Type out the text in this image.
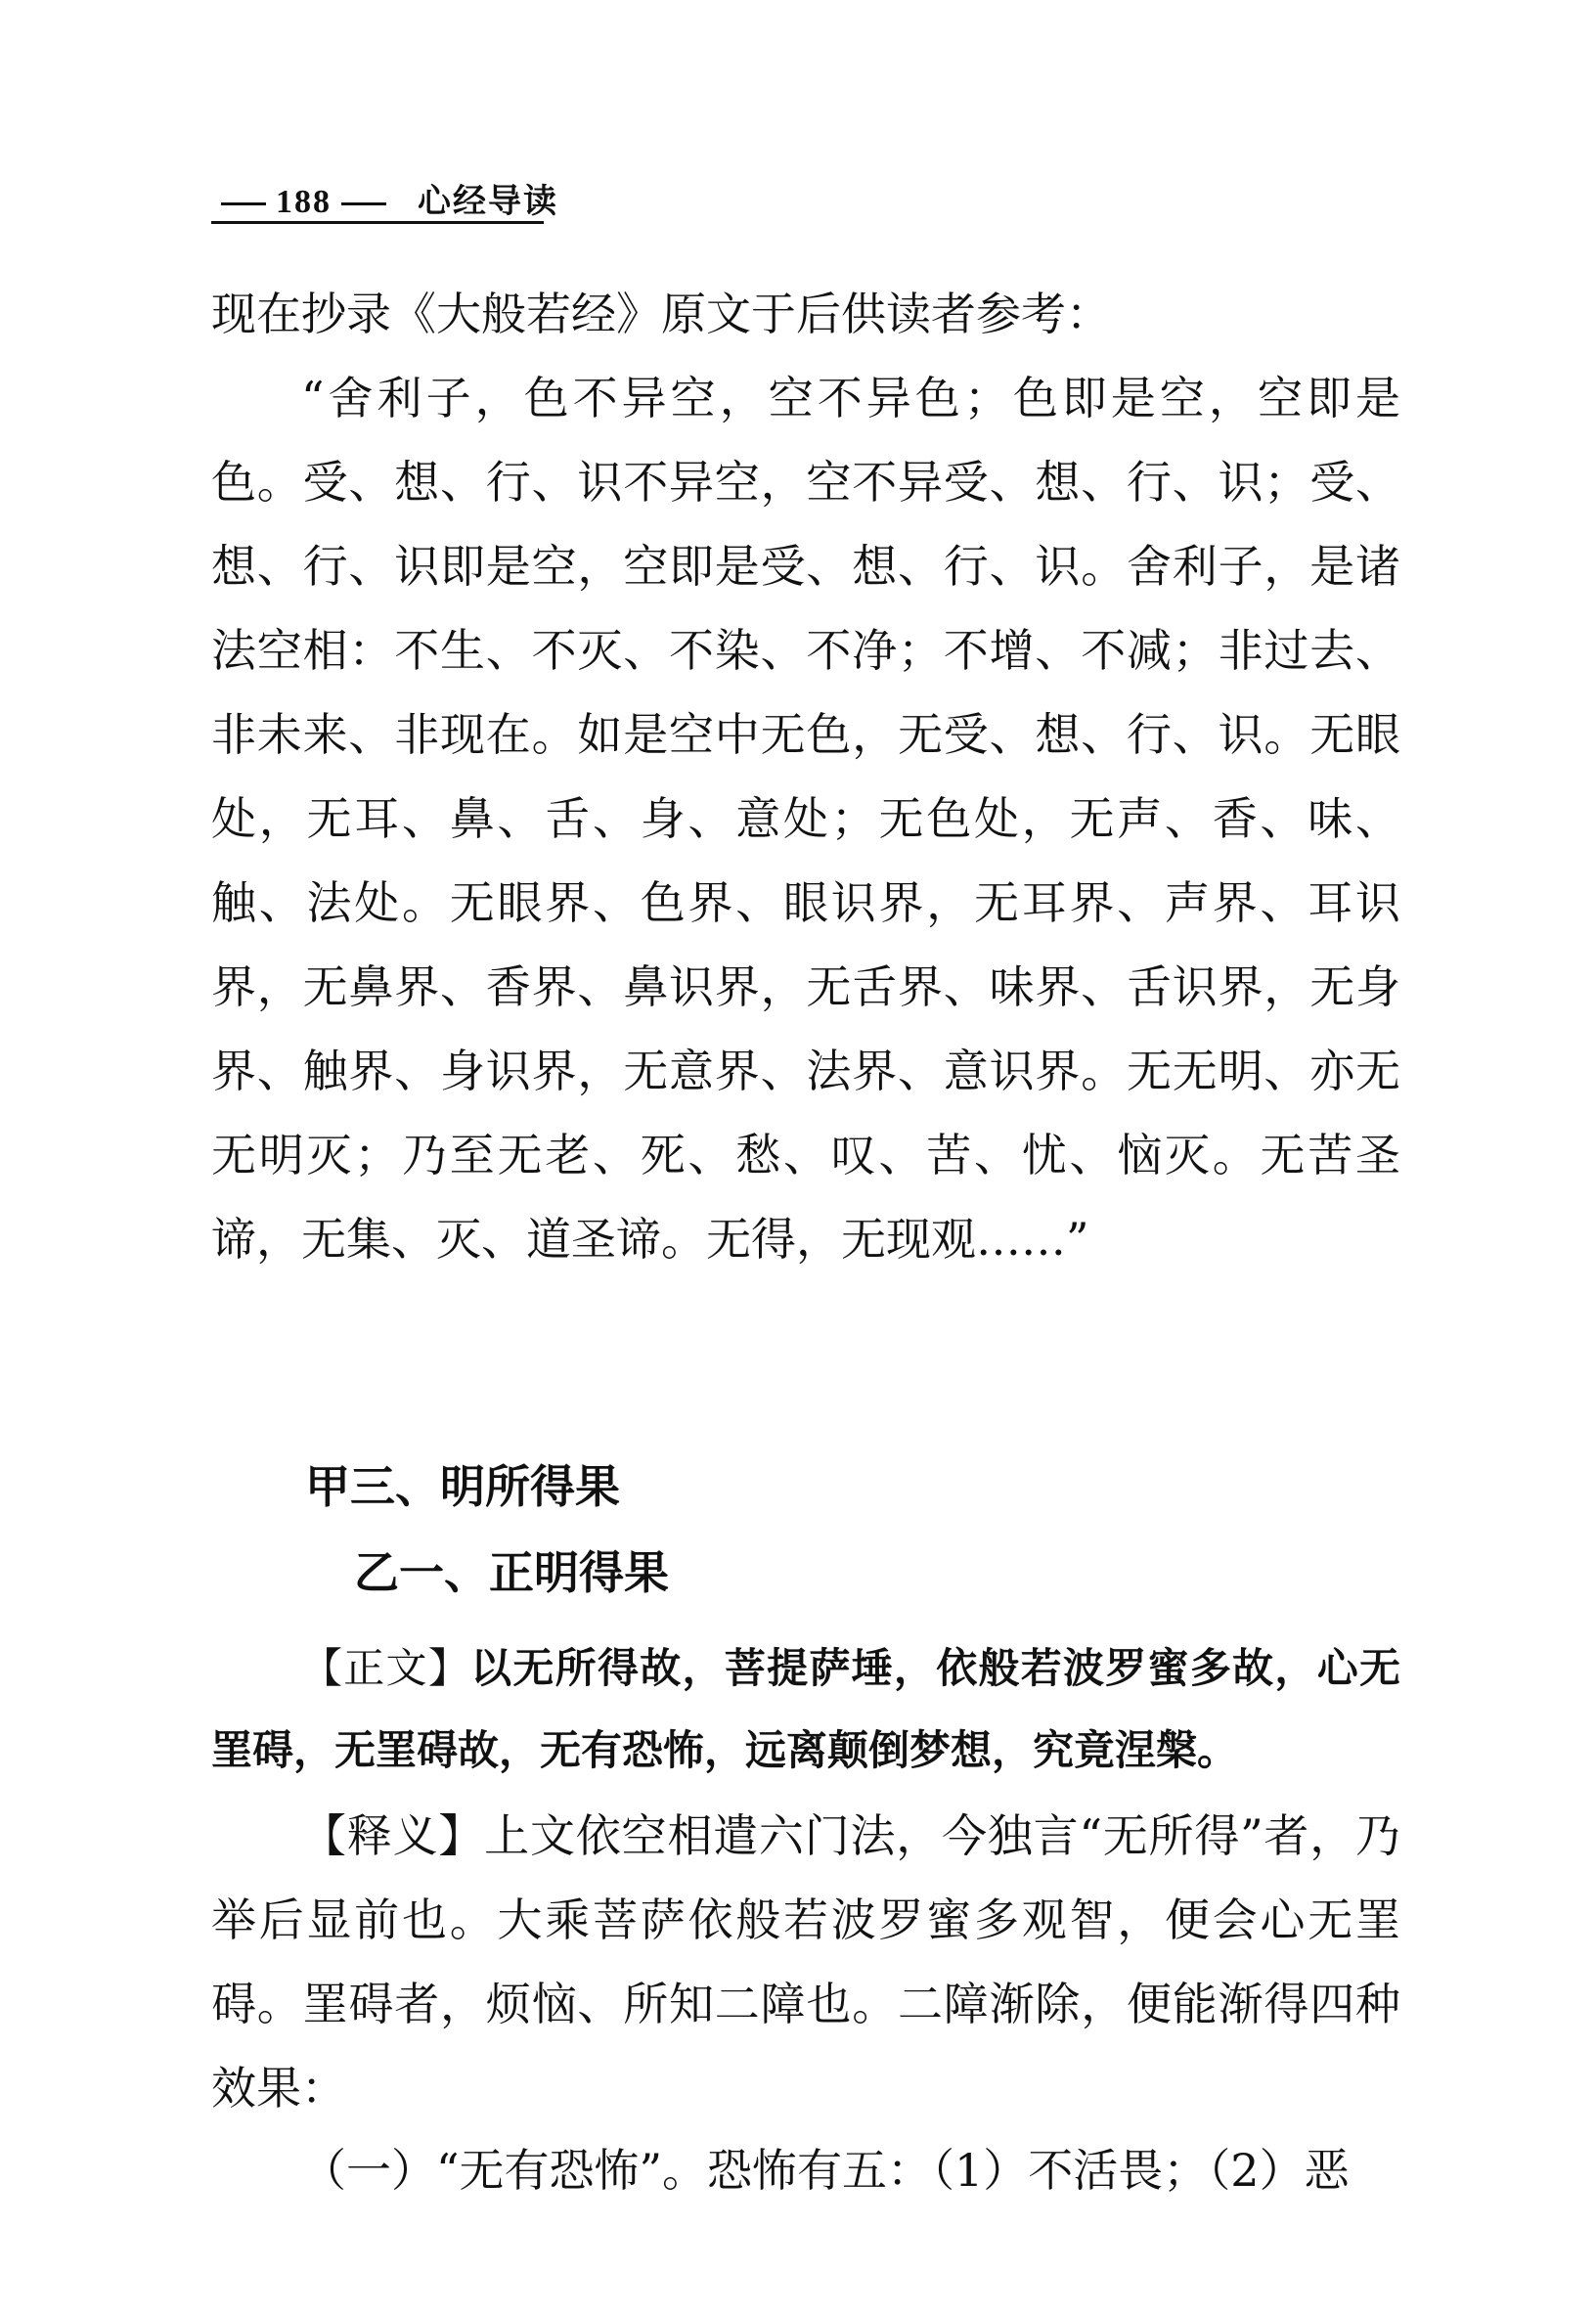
188	心经导读

现在抄录《大般若经》原文于后供读者参考：

“舍利子，色不异空，空不异色；色即是空，空即是色。受、想、行、识不异空，空不异受、想、行、识；受、想、行、识即是空，空即是受、想、行、识。舍利子，是诸法空相：不生、不灭、不染、不净；不增、不减；非过去、非未来、非现在。如是空中无色，无受、想、行、识。无眼处，无耳、鼻、舌、身、意处；无色处，无声、香、味、触、法处。无眼界、色界、眼识界，无耳界、声界、耳识界，无鼻界、香界、鼻识界，无舌界、味界、舌识界，无身界、触界、身识界，无意界、法界、意识界。无无明、亦无无明灭；乃至无老、死、愁、叹、苦、忧、恼灭。无苦圣谛，无集、灭、道圣谛。无得，无现观……”

甲三、明所得果
乙一、正明得果

【正文】以无所得故，菩提萨埵，依般若波罗蜜多故，心无罣碍，无罣碍故，无有恐怖，远离颠倒梦想，究竟涅槃。

【释义】上文依空相遣六门法，今独言“无所得”者，乃举后显前也。大乘菩萨依般若波罗蜜多观智，便会心无罣碍。罣碍者，烦恼、所知二障也。二障渐除，便能渐得四种效果：

（一）“无有恐怖”。恐怖有五：（1）不活畏；（2）恶
